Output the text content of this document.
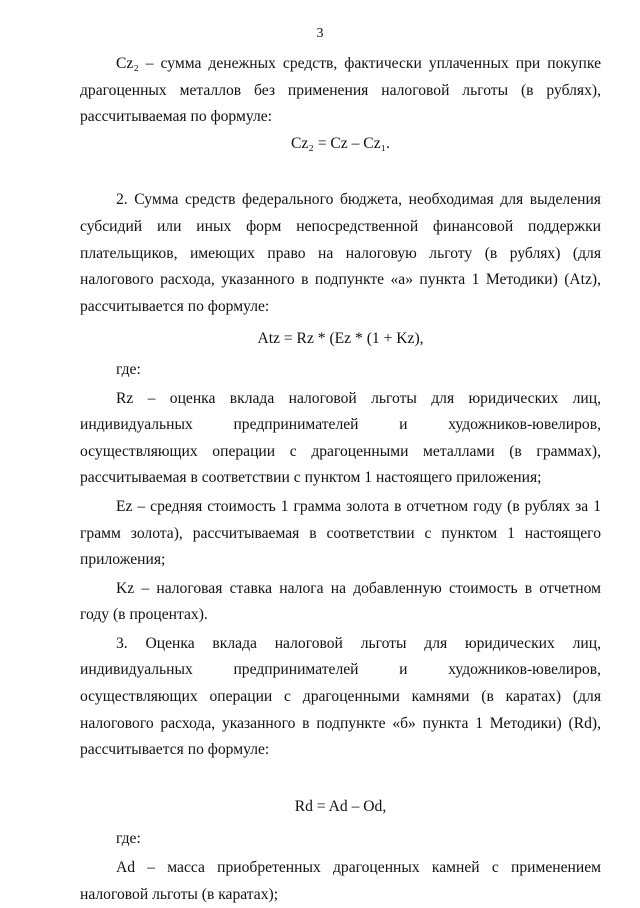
3

Cz₂ – сумма денежных средств, фактически уплаченных при покупке драгоценных металлов без применения налоговой льготы (в рублях), рассчитываемая по формуле:

Cz₂ = Cz – Cz₁.

2. Сумма средств федерального бюджета, необходимая для выделения субсидий или иных форм непосредственной финансовой поддержки плательщиков, имеющих право на налоговую льготу (в рублях) (для налогового расхода, указанного в подпункте «а» пункта 1 Методики) (Atz), рассчитывается по формуле:

Atz = Rz * (Ez * (1 + Kz),

где:

Rz – оценка вклада налоговой льготы для юридических лиц, индивидуальных предпринимателей и художников-ювелиров, осуществляющих операции с драгоценными металлами (в граммах), рассчитываемая в соответствии с пунктом 1 настоящего приложения;

Ez – средняя стоимость 1 грамма золота в отчетном году (в рублях за 1 грамм золота), рассчитываемая в соответствии с пунктом 1 настоящего приложения;

Kz – налоговая ставка налога на добавленную стоимость в отчетном году (в процентах).

3. Оценка вклада налоговой льготы для юридических лиц, индивидуальных предпринимателей и художников-ювелиров, осуществляющих операции с драгоценными камнями (в каратах) (для налогового расхода, указанного в подпункте «б» пункта 1 Методики) (Rd), рассчитывается по формуле:

Rd = Ad – Od,

где:

Ad – масса приобретенных драгоценных камней с применением налоговой льготы (в каратах);
